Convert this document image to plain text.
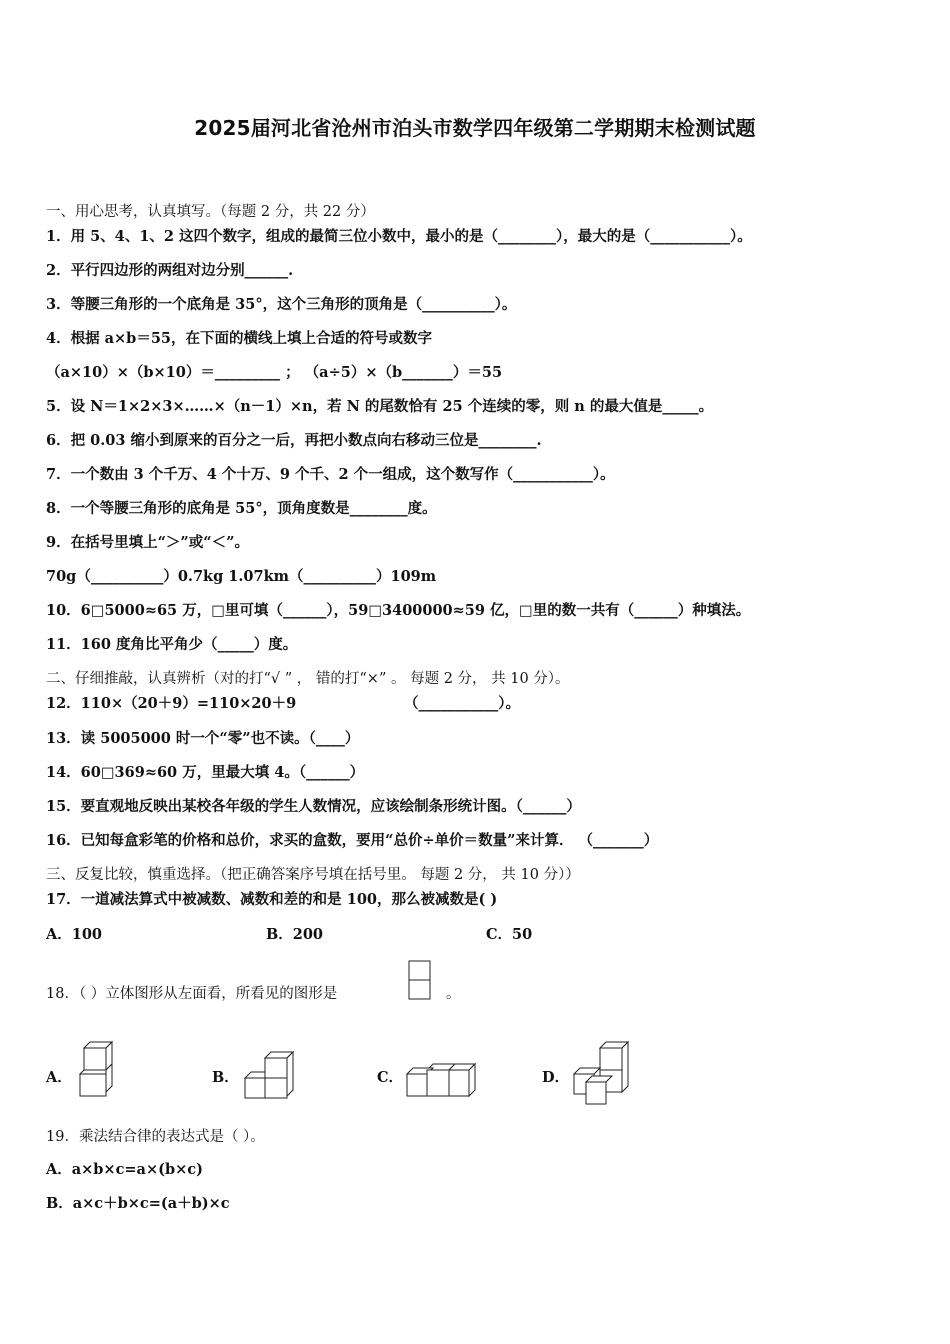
2025届河北省沧州市泊头市数学四年级第二学期期末检测试题
一、用心思考，认真填写。（每题 2 分，共 22 分）
1．用 5、4、1、2 这四个数字，组成的最简三位小数中，最小的是（________），最大的是（___________）。
2．平行四边形的两组对边分别______.
3．等腰三角形的一个底角是 35°，这个三角形的顶角是（__________）。
4．根据 a×b＝55，在下面的横线上填上合适的符号或数字
（a×10）×（b×10）＝_________ ； （a÷5）×（b_______）＝55
5．设 N＝1×2×3×……×（n－1）×n，若 N 的尾数恰有 25 个连续的零，则 n 的最大值是_____。
6．把 0.03 缩小到原来的百分之一后，再把小数点向右移动三位是________.
7．一个数由 3 个千万、4 个十万、9 个千、2 个一组成，这个数写作（___________）。
8．一个等腰三角形的底角是 55°，顶角度数是________度。
9．在括号里填上“＞”或“＜”。
70g（__________）0.7kg 1.07km（__________）109m
10．6□5000≈65 万，□里可填（______），59□3400000≈59 亿，□里的数一共有（______）种填法。
11．160 度角比平角少（_____）度。
二、仔细推敲，认真辨析（对的打“√ ” ， 错的打“×” 。 每题 2 分， 共 10 分）。
12．110×（20＋9）=110×20＋9	（___________）。
13．读 5005000 时一个“零”也不读。（____）
14．60□369≈60 万，里最大填 4。（______）
15．要直观地反映出某校各年级的学生人数情况，应该绘制条形统计图。（______）
16．已知每盒彩笔的价格和总价，求买的盒数，要用“总价÷单价＝数量”来计算． （_______）
三、反复比较，慎重选择。（把正确答案序号填在括号里。 每题 2 分， 共 10 分））
17．一道减法算式中被减数、减数和差的和是 100，那么被减数是( )
A．100	B．200	C．50
18．（ ）立体图形从左面看，所看见的图形是	。
A．	B．	C．	D．
19．乘法结合律的表达式是（ ）。
A．a×b×c=a×(b×c)
B．a×c＋b×c=(a＋b)×c
